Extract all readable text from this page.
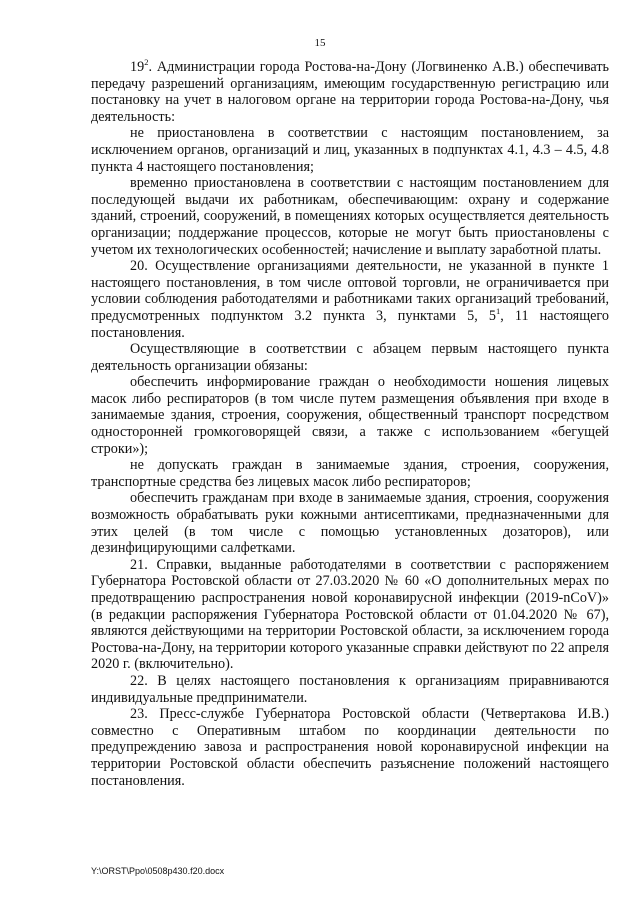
15

$19^2$. Администрации города Ростова-на-Дону (Логвиненко А.В.) обеспечивать передачу разрешений организациям, имеющим государственную регистрацию или постановку на учет в налоговом органе на территории города Ростова-на-Дону, чья деятельность:

не приостановлена в соответствии с настоящим постановлением, за исключением органов, организаций и лиц, указанных в подпунктах 4.1, 4.3 – 4.5, 4.8 пункта 4 настоящего постановления;

временно приостановлена в соответствии с настоящим постановлением для последующей выдачи их работникам, обеспечивающим: охрану и содержание зданий, строений, сооружений, в помещениях которых осуществляется деятельность организации; поддержание процессов, которые не могут быть приостановлены с учетом их технологических особенностей; начисление и выплату заработной платы.

20. Осуществление организациями деятельности, не указанной в пункте 1 настоящего постановления, в том числе оптовой торговли, не ограничивается при условии соблюдения работодателями и работниками таких организаций требований, предусмотренных подпунктом 3.2 пункта 3, пунктами 5, $5^1$, 11 настоящего постановления.

Осуществляющие в соответствии с абзацем первым настоящего пункта деятельность организации обязаны:

обеспечить информирование граждан о необходимости ношения лицевых масок либо респираторов (в том числе путем размещения объявления при входе в занимаемые здания, строения, сооружения, общественный транспорт посредством односторонней громкоговорящей связи, а также с использованием «бегущей строки»);

не допускать граждан в занимаемые здания, строения, сооружения, транспортные средства без лицевых масок либо респираторов;

обеспечить гражданам при входе в занимаемые здания, строения, сооружения возможность обрабатывать руки кожными антисептиками, предназначенными для этих целей (в том числе с помощью установленных дозаторов), или дезинфицирующими салфетками.

21. Справки, выданные работодателями в соответствии с распоряжением Губернатора Ростовской области от 27.03.2020 № 60 «О дополнительных мерах по предотвращению распространения новой коронавирусной инфекции (2019-nCoV)» (в редакции распоряжения Губернатора Ростовской области от 01.04.2020 № 67), являются действующими на территории Ростовской области, за исключением города Ростова-на-Дону, на территории которого указанные справки действуют по 22 апреля 2020 г. (включительно).

22. В целях настоящего постановления к организациям приравниваются индивидуальные предприниматели.

23. Пресс-службе Губернатора Ростовской области (Четвертакова И.В.) совместно с Оперативным штабом по координации деятельности по предупреждению завоза и распространения новой коронавирусной инфекции на территории Ростовской области обеспечить разъяснение положений настоящего постановления.

Y:\ORST\Ppo\0508p430.f20.docx
